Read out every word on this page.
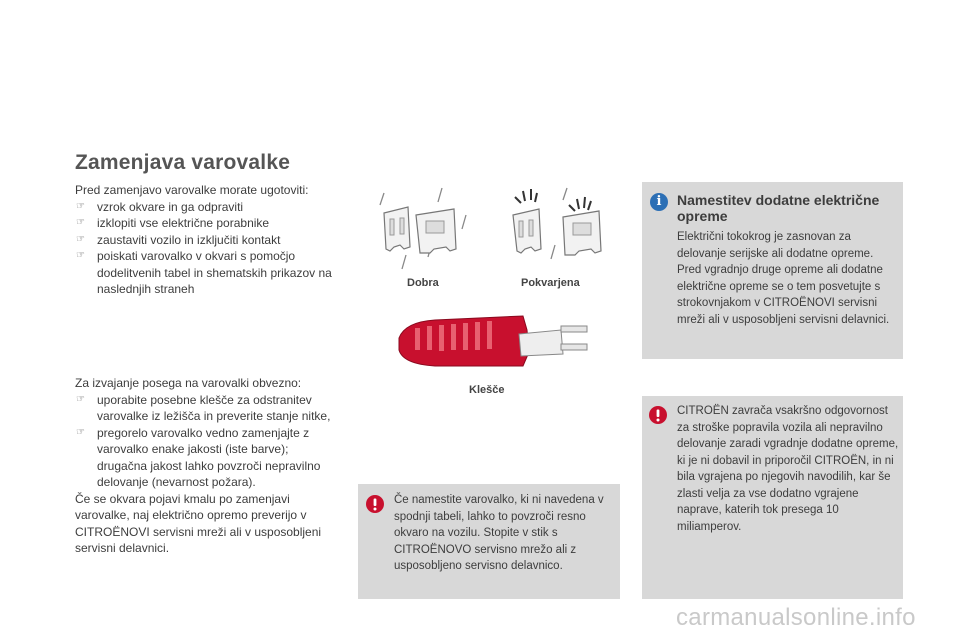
Zamenjava varovalke
Pred zamenjavo varovalke morate ugotoviti:
☞ vzrok okvare in ga odpraviti
☞ izklopiti vse električne porabnike
☞ zaustaviti vozilo in izključiti kontakt
☞ poiskati varovalko v okvari s pomočjo dodelitvenih tabel in shematskih prikazov na naslednjih straneh
Za izvajanje posega na varovalki obvezno:
☞ uporabite posebne klešče za odstranitev varovalke iz ležišča in preverite stanje nitke,
☞ pregorelo varovalko vedno zamenjajte z varovalko enake jakosti (iste barve); drugačna jakost lahko povzroči nepravilno delovanje (nevarnost požara).
Če se okvara pojavi kmalu po zamenjavi varovalke, naj električno opremo preverijo v CITROËNOVI servisni mreži ali v usposobljeni servisni delavnici.
Dobra	Pokvarjena
Klešče
i	Namestitev dodatne električne opreme
Električni tokokrog je zasnovan za delovanje serijske ali dodatne opreme. Pred vgradnjo druge opreme ali dodatne električne opreme se o tem posvetujte s strokovnjakom v CITROËNOVI servisni mreži ali v usposobljeni servisni delavnici.
Če namestite varovalko, ki ni navedena v spodnji tabeli, lahko to povzroči resno okvaro na vozilu. Stopite v stik s CITROËNOVO servisno mrežo ali z usposobljeno servisno delavnico.
CITROËN zavrača vsakršno odgovornost za stroške popravila vozila ali nepravilno delovanje zaradi vgradnje dodatne opreme, ki je ni dobavil in priporočil CITROËN, in ni bila vgrajena po njegovih navodilih, kar še zlasti velja za vse dodatno vgrajene naprave, katerih tok presega 10 miliamperov.
carmanualsonline.info
